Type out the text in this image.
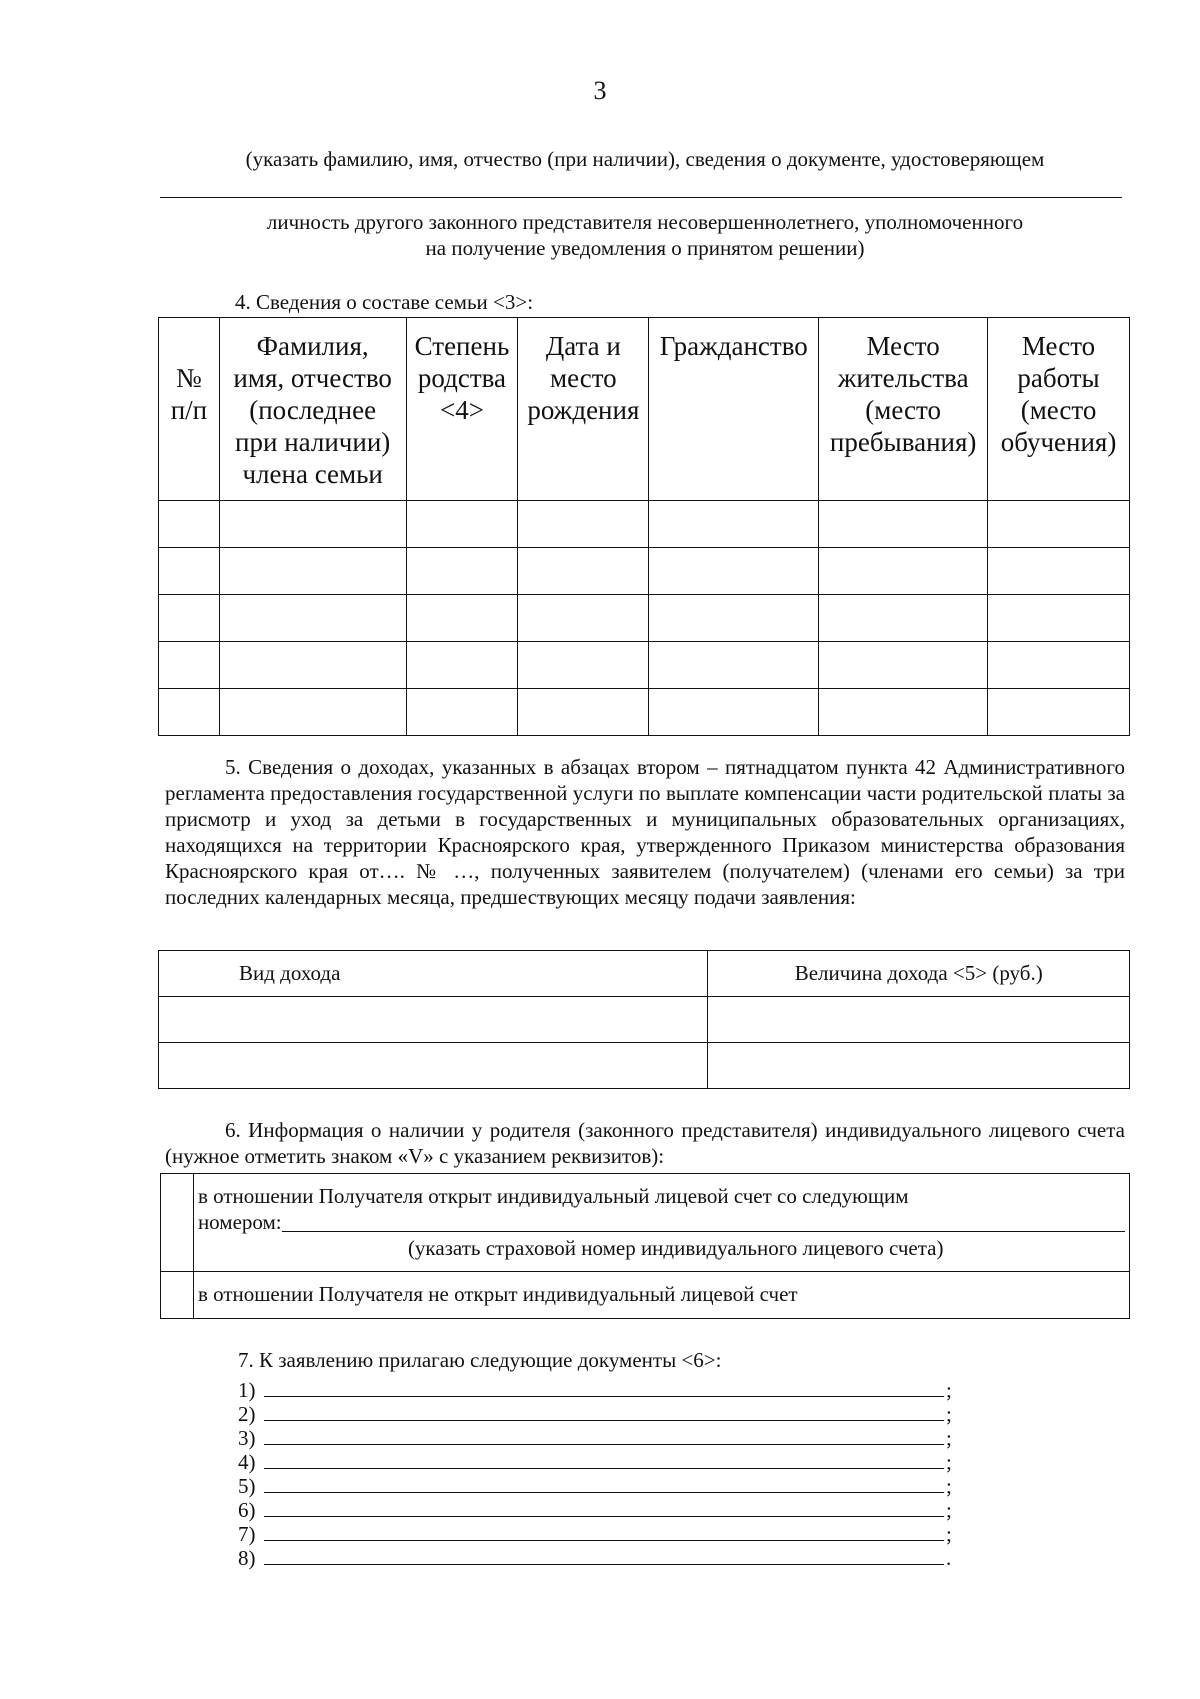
3
(указать фамилию, имя, отчество (при наличии), сведения о документе, удостоверяющем
личность другого законного представителя несовершеннолетнего, уполномоченного
на получение уведомления о принятом решении)
4. Сведения о составе семьи <3>:
№
п/п	Фамилия,
имя, отчество
(последнее
при наличии)
члена семьи	Степень
родства
<4>	Дата и
место
рождения	Гражданство	Место
жительства
(место
пребывания)	Место
работы
(место
обучения)

5. Сведения о доходах, указанных в абзацах втором – пятнадцатом пункта 42 Административного регламента предоставления государственной услуги по выплате компенсации части родительской платы за присмотр и уход за детьми в государственных и муниципальных образовательных организациях, находящихся на территории Красноярского края, утвержденного Приказом министерства образования Красноярского края от…. № …, полученных заявителем (получателем) (членами его семьи) за три последних календарных месяца, предшествующих месяцу подачи заявления:
Вид дохода	Величина дохода <5> (руб.)

6. Информация о наличии у родителя (законного представителя) индивидуального лицевого счета (нужное отметить знаком «V» с указанием реквизитов):

	в отношении Получателя открыт индивидуальный лицевой счет со следующим
номером:
(указать страховой номер индивидуального лицевого счета)

	в отношении Получателя не открыт индивидуальный лицевой счет
7. К заявлению прилагаю следующие документы <6>:
1)	;
2)	;
3)	;
4)	;
5)	;
6)	;
7)	;
8)	.
